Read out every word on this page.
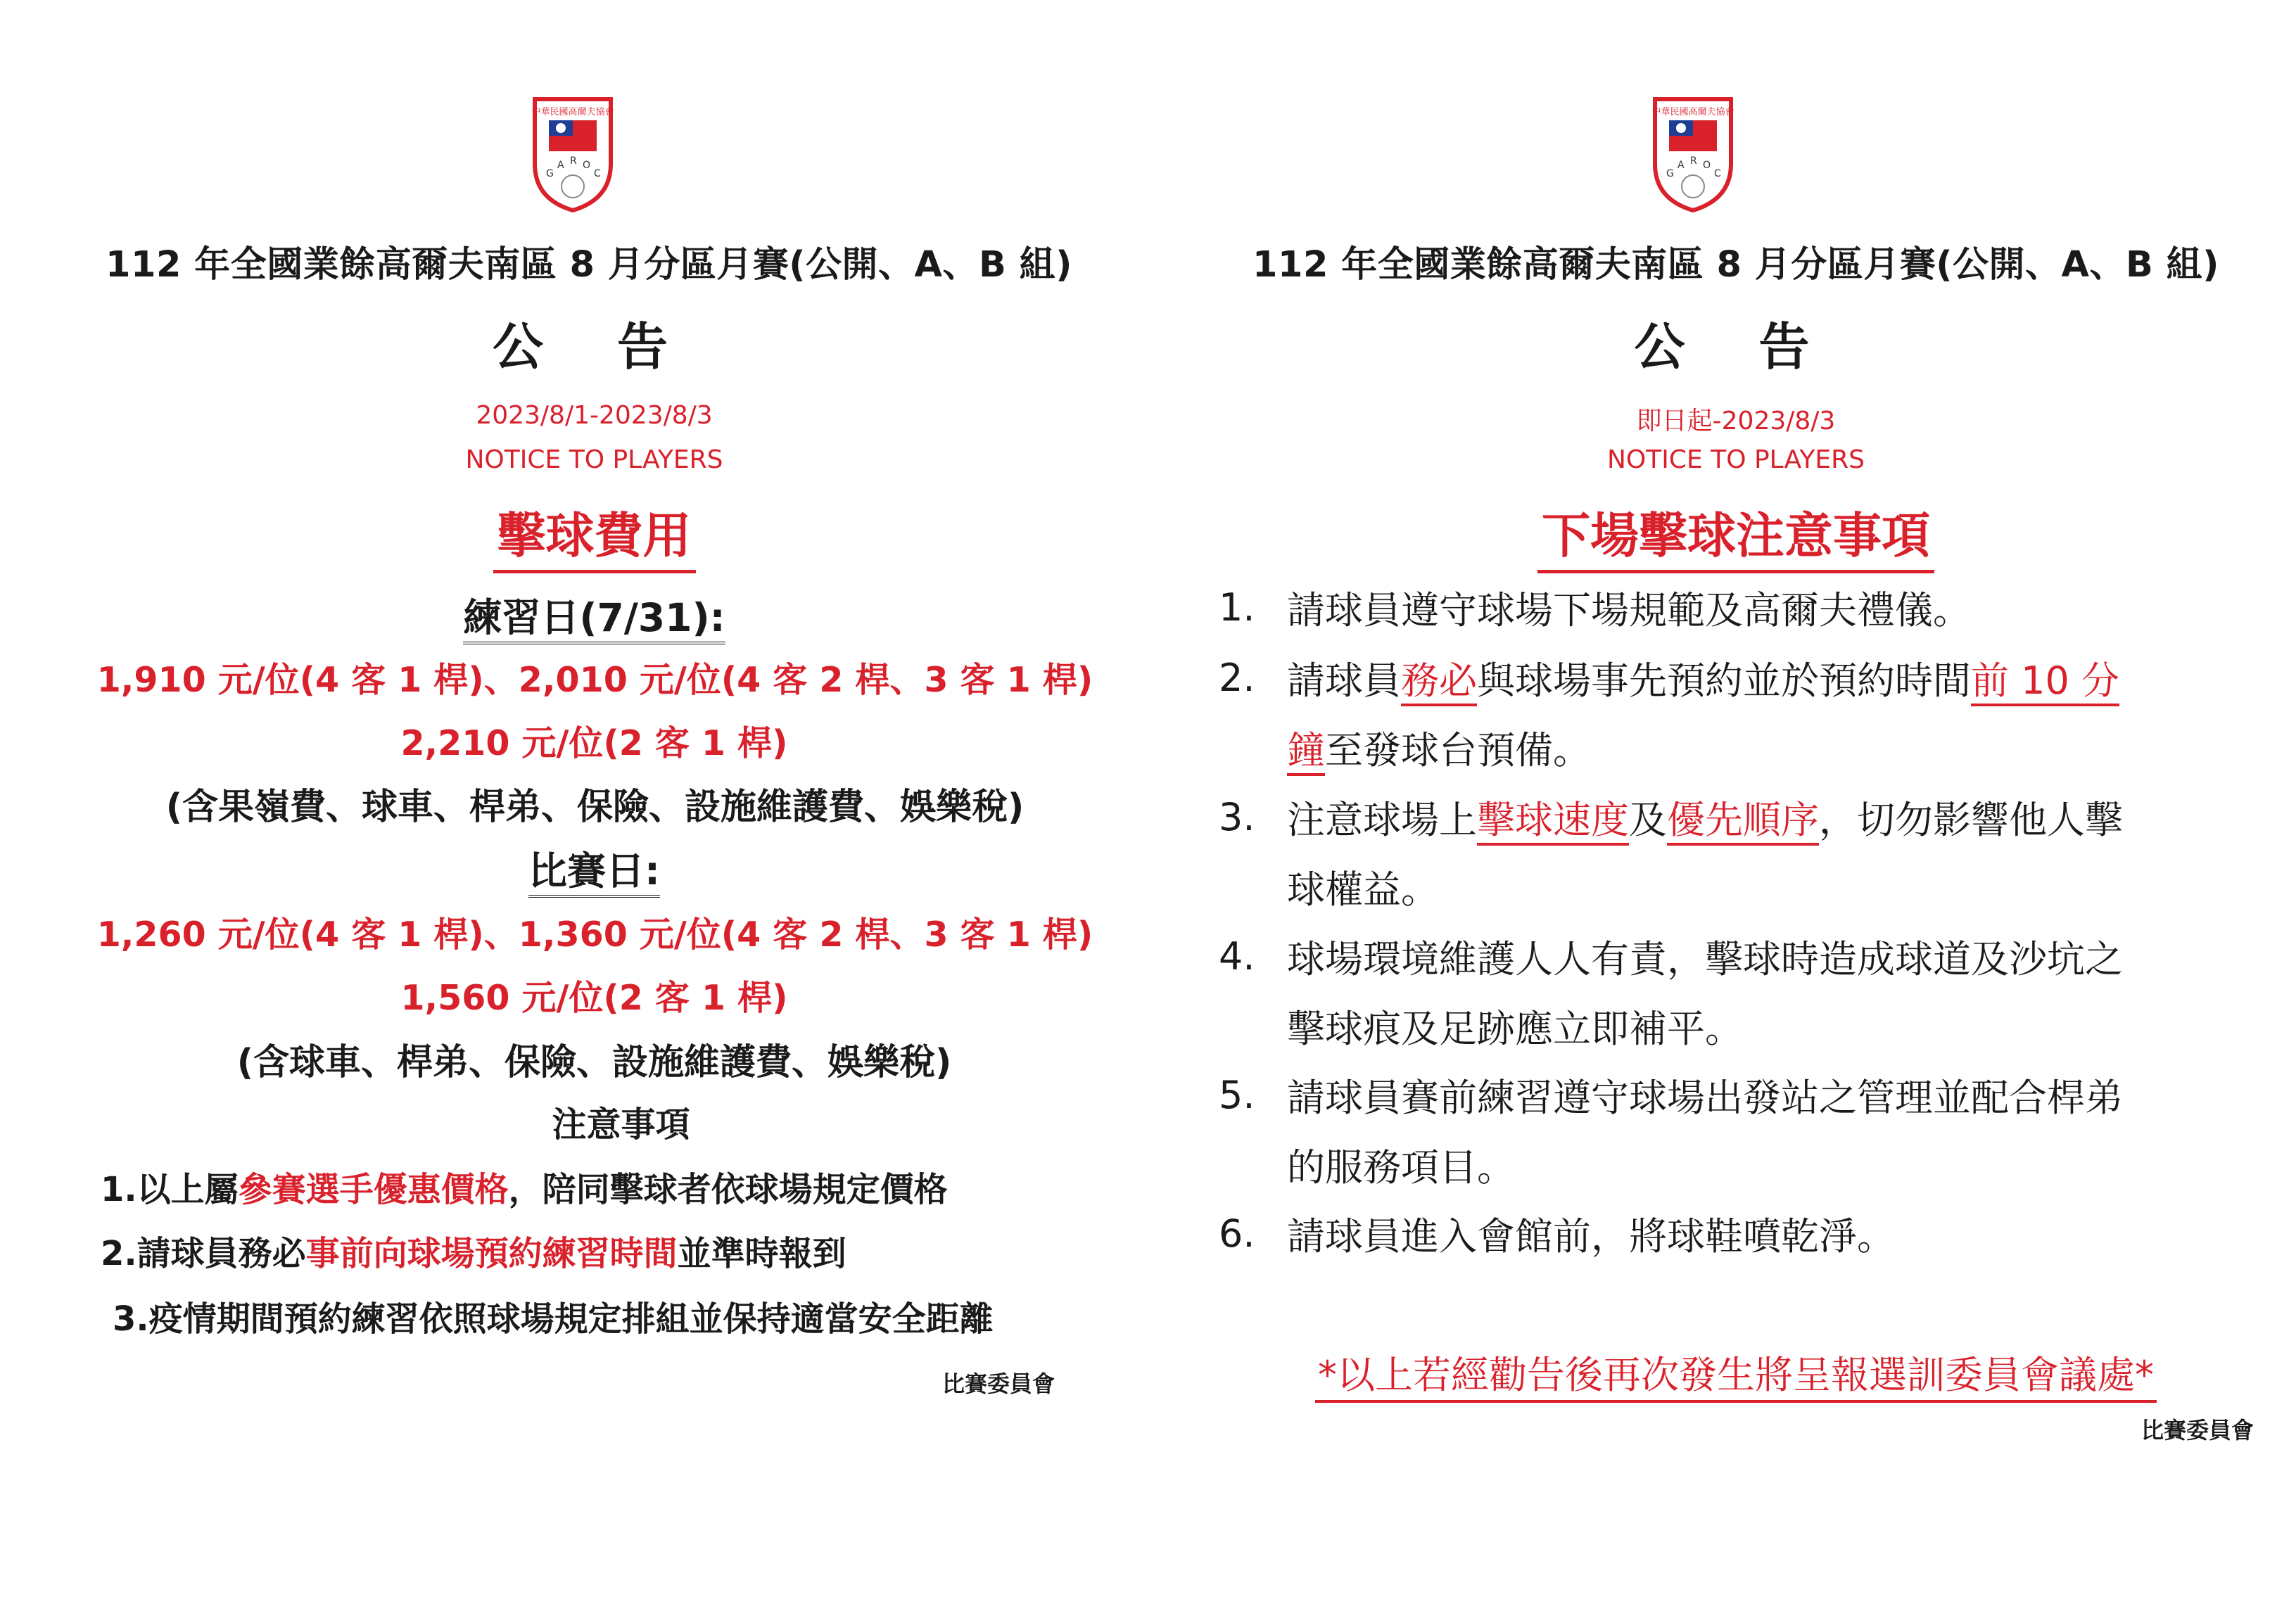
中華民國高爾夫協會
G
A R O
C
112 年全國業餘高爾夫南區 8 月分區月賽(公開、A、B 組)
公 告
2023/8/1-2023/8/3
NOTICE TO PLAYERS
擊球費用
練習日(7/31):
1,910 元/位(4 客 1 桿)、2,010 元/位(4 客 2 桿、3 客 1 桿)
2,210 元/位(2 客 1 桿)
(含果嶺費、球車、桿弟、保險、設施維護費、娛樂稅)
比賽日:
1,260 元/位(4 客 1 桿)、1,360 元/位(4 客 2 桿、3 客 1 桿)
1,560 元/位(2 客 1 桿)
(含球車、桿弟、保險、設施維護費、娛樂稅)
注意事項
1.以上屬參賽選手優惠價格，陪同擊球者依球場規定價格
2.請球員務必事前向球場預約練習時間並準時報到
3.疫情期間預約練習依照球場規定排組並保持適當安全距離
比賽委員會
中華民國高爾夫協會
G
A R O
C
112 年全國業餘高爾夫南區 8 月分區月賽(公開、A、B 組)
公 告
即日起-2023/8/3
NOTICE TO PLAYERS
下場擊球注意事項
1. 請球員遵守球場下場規範及高爾夫禮儀。
2. 請球員務必與球場事先預約並於預約時間前 10 分
鐘至發球台預備。
3. 注意球場上擊球速度及優先順序，切勿影響他人擊
球權益。
4. 球場環境維護人人有責，擊球時造成球道及沙坑之
擊球痕及足跡應立即補平。
5. 請球員賽前練習遵守球場出發站之管理並配合桿弟
的服務項目。
6. 請球員進入會館前，將球鞋噴乾淨。
*以上若經勸告後再次發生將呈報選訓委員會議處*
比賽委員會
